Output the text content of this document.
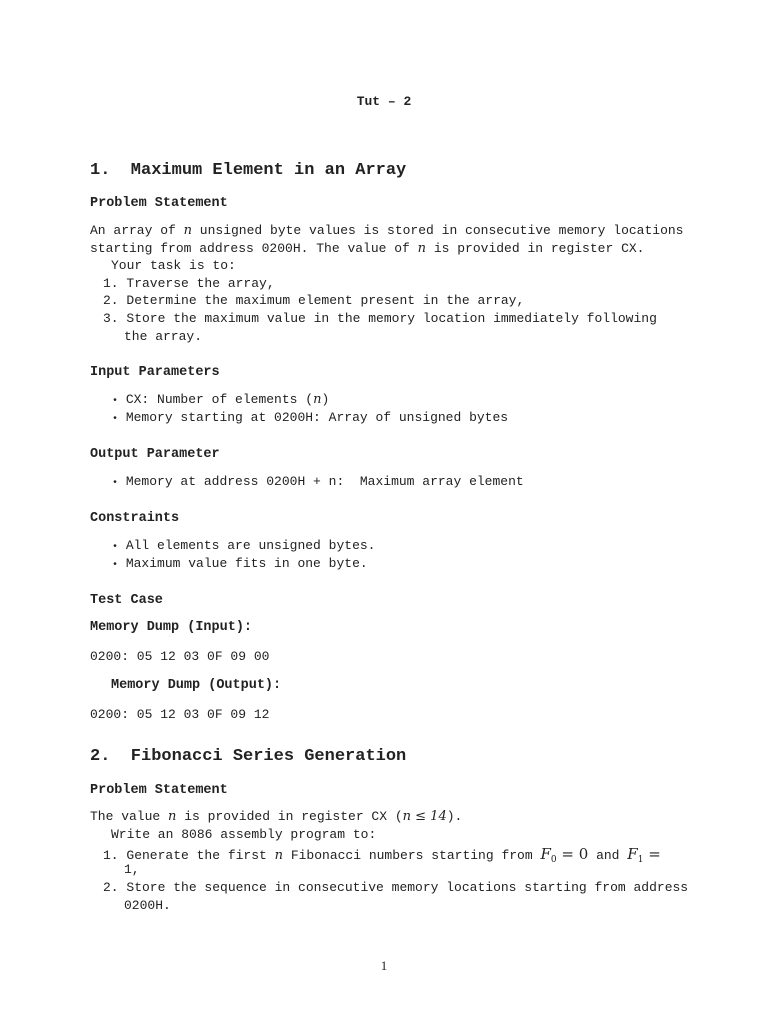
Tut – 2
1.  Maximum Element in an Array
Problem Statement
An array of n unsigned byte values is stored in consecutive memory locations
starting from address 0200H. The value of n is provided in register CX.
Your task is to:
1. Traverse the array,
2. Determine the maximum element present in the array,
3. Store the maximum value in the memory location immediately following
the array.
Input Parameters
• CX: Number of elements (n)
• Memory starting at 0200H: Array of unsigned bytes
Output Parameter
• Memory at address 0200H + n:  Maximum array element
Constraints
• All elements are unsigned bytes.
• Maximum value fits in one byte.
Test Case
Memory Dump (Input):
0200: 05 12 03 0F 09 00
Memory Dump (Output):
0200: 05 12 03 0F 09 12
2.  Fibonacci Series Generation
Problem Statement
The value n is provided in register CX (n ≤ 14).
Write an 8086 assembly program to:
1. Generate the first n Fibonacci numbers starting from $F_0 = 0$ and $F_1$ =
1,
2. Store the sequence in consecutive memory locations starting from address
0200H.
1
